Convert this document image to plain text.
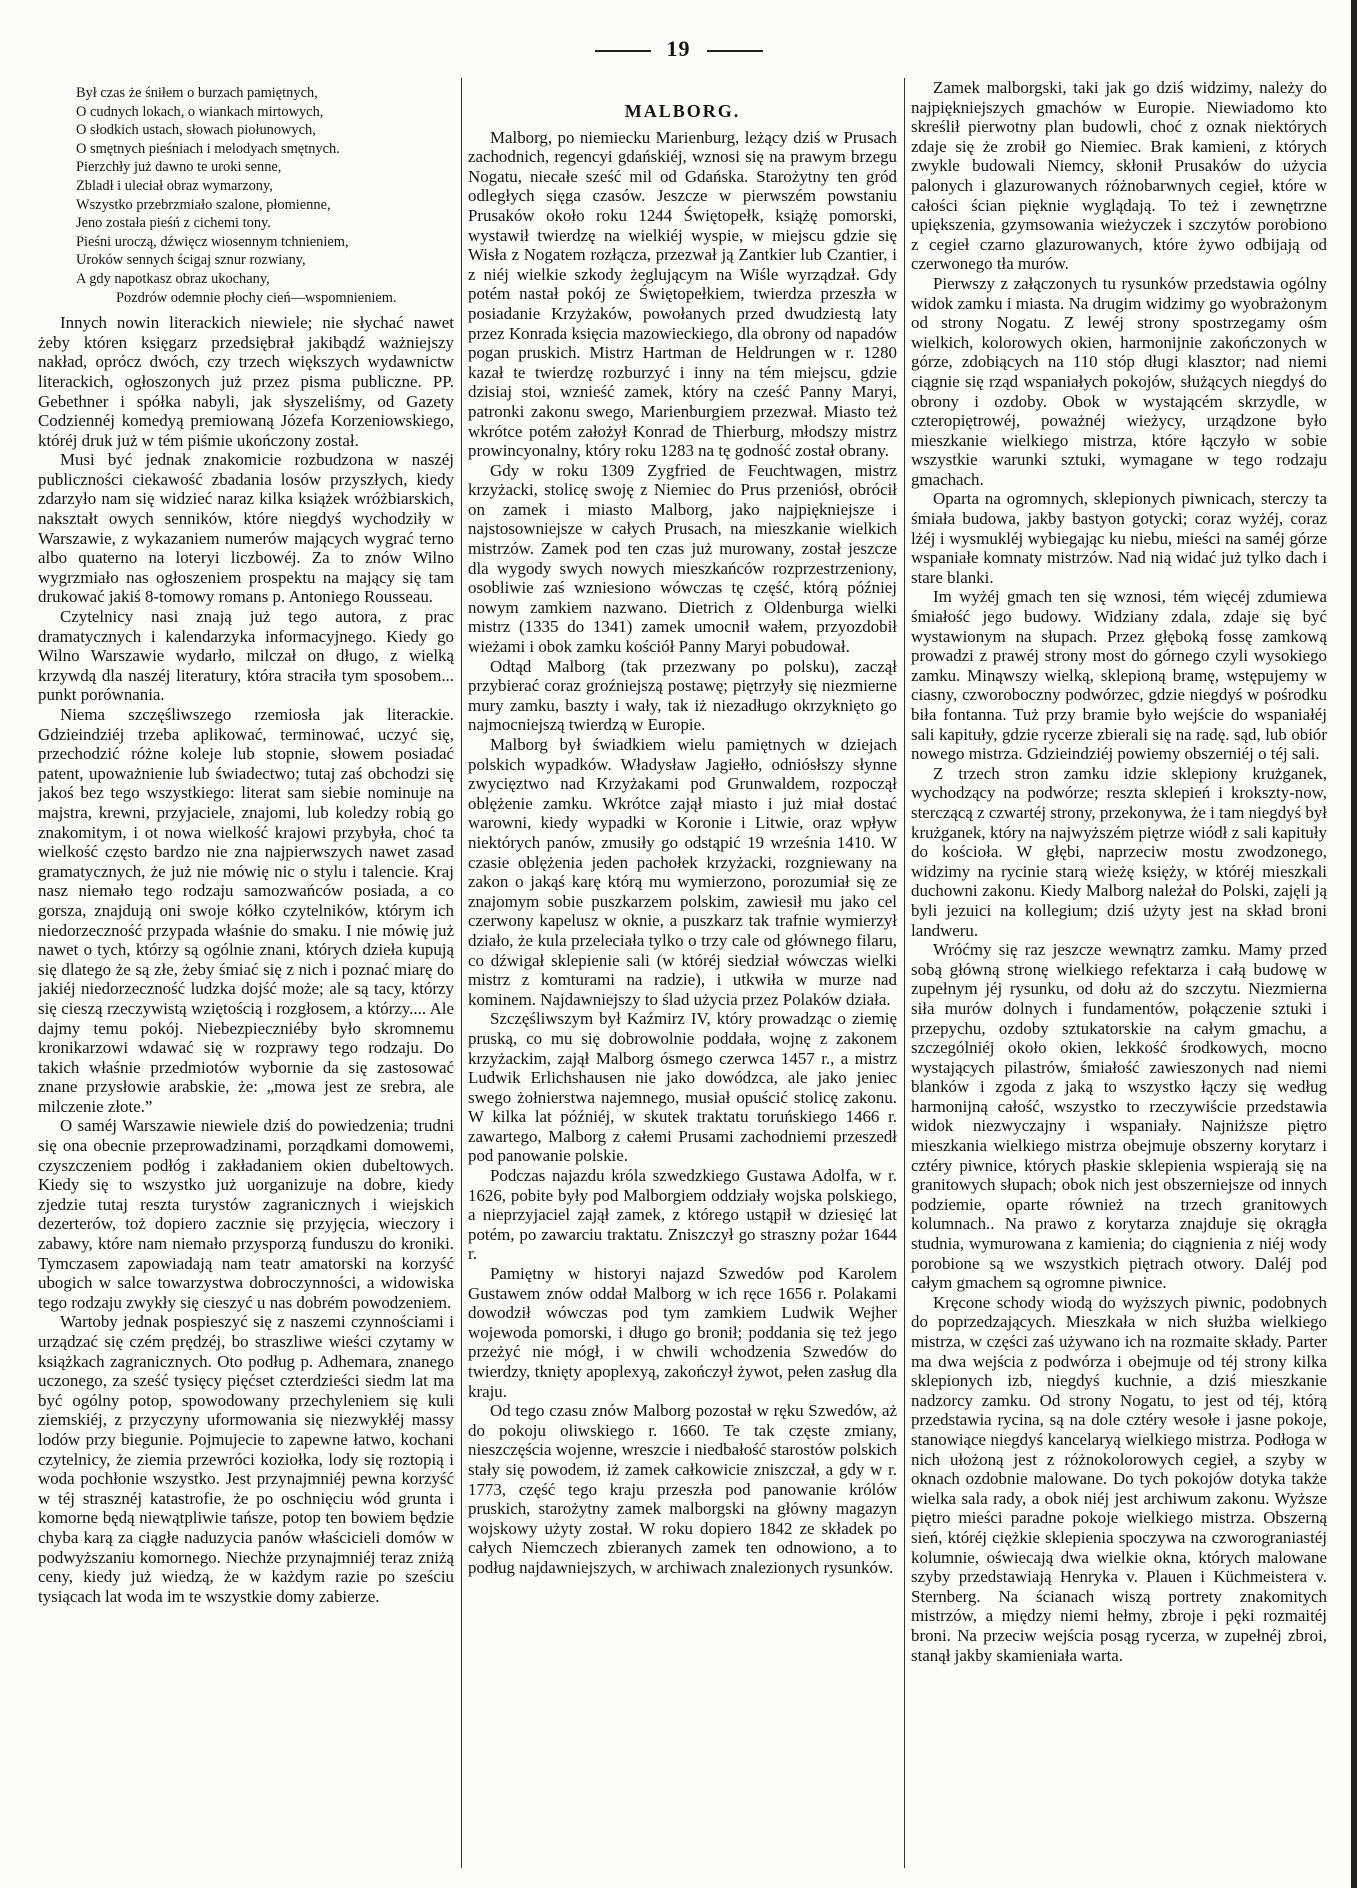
19
Był czas że śniłem o burzach pamiętnych,
O cudnych lokach, o wiankach mirtowych,
O słodkich ustach, słowach piołunowych,
O smętnych pieśniach i melodyach smętnych.
Pierzchły już dawno te uroki senne,
Zbladł i uleciał obraz wymarzony,
Wszystko przebrzmiało szalone, płomienne,
Jeno została pieśń z cichemi tony.
Pieśni uroczą, dźwięcz wiosennym tchnieniem,
Uroków sennych ścigaj sznur rozwiany,
A gdy napotkasz obraz ukochany,
Pozdrów odemnie płochy cień—wspomnieniem.

Innych nowin literackich niewiele; nie słychać nawet żeby któren księgarz przedsiębrał jakibądź ważniejszy nakład, oprócz dwóch, czy trzech większych wydawnictw literackich, ogłoszonych już przez pisma publiczne. PP. Gebethner i spółka nabyli, jak słyszeliśmy, od Gazety Codziennéj komedyą premiowaną Józefa Korzeniowskiego, któréj druk już w tém piśmie ukończony został.

Musi być jednak znakomicie rozbudzona w naszéj publiczności ciekawość zbadania losów przyszłych, kiedy zdarzyło nam się widzieć naraz kilka książek wróżbiarskich, nakształt owych senników, które niegdyś wychodziły w Warszawie, z wykazaniem numerów mających wygrać terno albo quaterno na loteryi liczbowéj. Za to znów Wilno wygrzmiało nas ogłoszeniem prospektu na mający się tam drukować jakiś 8-tomowy romans p. Antoniego Rousseau.

Czytelnicy nasi znają już tego autora, z prac dramatycznych i kalendarzyka informacyjnego. Kiedy go Wilno Warszawie wydarło, milczał on długo, z wielką krzywdą dla naszéj literatury, która straciła tym sposobem... punkt porównania.

Niema szczęśliwszego rzemiosła jak literackie. Gdzieindziéj trzeba aplikować, terminować, uczyć się, przechodzić różne koleje lub stopnie, słowem posiadać patent, upoważnienie lub świadectwo; tutaj zaś obchodzi się jakoś bez tego wszystkiego: literat sam siebie nominuje na majstra, krewni, przyjaciele, znajomi, lub koledzy robią go znakomitym, i ot nowa wielkość krajowi przybyła, choć ta wielkość często bardzo nie zna najpierwszych nawet zasad gramatycznych, że już nie mówię nic o stylu i talencie. Kraj nasz niemało tego rodzaju samozwańców posiada, a co gorsza, znajdują oni swoje kółko czytelników, którym ich niedorzeczność przypada właśnie do smaku. I nie mówię już nawet o tych, którzy są ogólnie znani, których dzieła kupują się dlatego że są złe, żeby śmiać się z nich i poznać miarę do jakiéj niedorzeczność ludzka dojść może; ale są tacy, którzy się cieszą rzeczywistą wziętością i rozgłosem, a którzy.... Ale dajmy temu pokój. Niebezpieczniéby było skromnemu kronikarzowi wdawać się w rozprawy tego rodzaju. Do takich właśnie przedmiotów wybornie da się zastosować znane przysłowie arabskie, że: „mowa jest ze srebra, ale milczenie złote.”

O saméj Warszawie niewiele dziś do powiedzenia; trudni się ona obecnie przeprowadzinami, porządkami domowemi, czyszczeniem podłóg i zakładaniem okien dubeltowych. Kiedy się to wszystko już uorganizuje na dobre, kiedy zjedzie tutaj reszta turystów zagranicznych i wiejskich dezerterów, toż dopiero zacznie się przyjęcia, wieczory i zabawy, które nam niemało przysporzą funduszu do kroniki. Tymczasem zapowiadają nam teatr amatorski na korzyść ubogich w salce towarzystwa dobroczynności, a widowiska tego rodzaju zwykły się cieszyć u nas dobrém powodzeniem.

Wartoby jednak pospieszyć się z naszemi czynnościami i urządzać się czém prędzéj, bo straszliwe wieści czytamy w książkach zagranicznych. Oto podług p. Adhemara, znanego uczonego, za sześć tysięcy pięćset czterdzieści siedm lat ma być ogólny potop, spowodowany przechyleniem się kuli ziemskiéj, z przyczyny uformowania się niezwykłéj massy lodów przy biegunie. Pojmujecie to zapewne łatwo, kochani czytelnicy, że ziemia przewróci koziołka, lody się roztopią i woda pochłonie wszystko. Jest przynajmniéj pewna korzyść w téj strasznéj katastrofie, że po oschnięciu wód grunta i komorne będą niewątpliwie tańsze, potop ten bowiem będzie chyba karą za ciągłe naduzycia panów właścicieli domów w podwyższaniu komornego. Niechże przynajmniéj teraz zniżą ceny, kiedy już wiedzą, że w każdym razie po sześciu tysiącach lat woda im te wszystkie domy zabierze.

MALBORG.

Malborg, po niemiecku Marienburg, leżący dziś w Prusach zachodnich, regencyi gdańskiéj, wznosi się na prawym brzegu Nogatu, niecałe sześć mil od Gdańska. Starożytny ten gród odległych sięga czasów. Jeszcze w pierwszém powstaniu Prusaków około roku 1244 Świętopełk, książę pomorski, wystawił twierdzę na wielkiéj wyspie, w miejscu gdzie się Wisła z Nogatem rozłącza, przezwał ją Zantkier lub Czantier, i z niéj wielkie szkody żeglującym na Wiśle wyrządzał. Gdy potém nastał pokój ze Świętopełkiem, twierdza przeszła w posiadanie Krzyżaków, powołanych przed dwudziestą laty przez Konrada księcia mazowieckiego, dla obrony od napadów pogan pruskich. Mistrz Hartman de Heldrungen w r. 1280 kazał te twierdzę rozburzyć i inny na tém miejscu, gdzie dzisiaj stoi, wznieść zamek, który na cześć Panny Maryi, patronki zakonu swego, Marienburgiem przezwał. Miasto też wkrótce potém założył Konrad de Thierburg, młodszy mistrz prowincyonalny, który roku 1283 na tę godność został obrany.

Gdy w roku 1309 Zygfried de Feuchtwagen, mistrz krzyżacki, stolicę swoję z Niemiec do Prus przeniósł, obrócił on zamek i miasto Malborg, jako najpiękniejsze i najstosowniejsze w całych Prusach, na mieszkanie wielkich mistrzów. Zamek pod ten czas już murowany, został jeszcze dla wygody swych nowych mieszkańców rozprzestrzeniony, osobliwie zaś wzniesiono wówczas tę część, którą później nowym zamkiem nazwano. Dietrich z Oldenburga wielki mistrz (1335 do 1341) zamek umocnił wałem, przyozdobił wieżami i obok zamku kościół Panny Maryi pobudował.

Odtąd Malborg (tak przezwany po polsku), zaczął przybierać coraz groźniejszą postawę; piętrzyły się niezmierne mury zamku, baszty i wały, tak iż niezadługo okrzyknięto go najmocniejszą twierdzą w Europie.

Malborg był świadkiem wielu pamiętnych w dziejach polskich wypadków. Władysław Jagiełło, odniósłszy słynne zwycięztwo nad Krzyżakami pod Grunwaldem, rozpoczął oblężenie zamku. Wkrótce zajął miasto i już miał dostać warowni, kiedy wypadki w Koronie i Litwie, oraz wpływ niektórych panów, zmusiły go odstąpić 19 września 1410. W czasie oblężenia jeden pachołek krzyżacki, rozgniewany na zakon o jakąś karę którą mu wymierzono, porozumiał się ze znajomym sobie puszkarzem polskim, zawiesił mu jako cel czerwony kapelusz w oknie, a puszkarz tak trafnie wymierzył działo, że kula przeleciała tylko o trzy cale od głównego filaru, co dźwigał sklepienie sali (w któréj siedział wówczas wielki mistrz z komturami na radzie), i utkwiła w murze nad kominem. Najdawniejszy to ślad użycia przez Polaków działa.

Szczęśliwszym był Kaźmirz IV, który prowadząc o ziemię pruską, co mu się dobrowolnie poddała, wojnę z zakonem krzyżackim, zajął Malborg ósmego czerwca 1457 r., a mistrz Ludwik Erlichshausen nie jako dowódzca, ale jako jeniec swego żołnierstwa najemnego, musiał opuścić stolicę zakonu. W kilka lat późniéj, w skutek traktatu toruńskiego 1466 r. zawartego, Malborg z całemi Prusami zachodniemi przeszedł pod panowanie polskie.

Podczas najazdu króla szwedzkiego Gustawa Adolfa, w r. 1626, pobite były pod Malborgiem oddziały wojska polskiego, a nieprzyjaciel zajął zamek, z którego ustąpił w dziesięć lat potém, po zawarciu traktatu. Zniszczył go straszny pożar 1644 r.

Pamiętny w historyi najazd Szwedów pod Karolem Gustawem znów oddał Malborg w ich ręce 1656 r. Polakami dowodził wówczas pod tym zamkiem Ludwik Wejher wojewoda pomorski, i długo go bronił; poddania się też jego przeżyć nie mógł, i w chwili wchodzenia Szwedów do twierdzy, tknięty apoplexyą, zakończył żywot, pełen zasług dla kraju.

Od tego czasu znów Malborg pozostał w ręku Szwedów, aż do pokoju oliwskiego r. 1660. Te tak częste zmiany, nieszczęścia wojenne, wreszcie i niedbałość starostów polskich stały się powodem, iż zamek całkowicie zniszczał, a gdy w r. 1773, część tego kraju przeszła pod panowanie królów pruskich, starożytny zamek malborgski na główny magazyn wojskowy użyty został. W roku dopiero 1842 ze składek po całych Niemczech zbieranych zamek ten odnowiono, a to podług najdawniejszych, w archiwach znalezionych rysunków.

Zamek malborgski, taki jak go dziś widzimy, należy do najpiękniejszych gmachów w Europie. Niewiadomo kto skreślił pierwotny plan budowli, choć z oznak niektórych zdaje się że zrobił go Niemiec. Brak kamieni, z których zwykle budowali Niemcy, skłonił Prusaków do użycia palonych i glazurowanych różnobarwnych cegieł, które w całości ścian pięknie wyglądają. To też i zewnętrzne upiększenia, gzymsowania wieżyczek i szczytów porobiono z cegieł czarno glazurowanych, które żywo odbijają od czerwonego tła murów.

Pierwszy z załączonych tu rysunków przedstawia ogólny widok zamku i miasta. Na drugim widzimy go wyobrażonym od strony Nogatu. Z lewéj strony spostrzegamy ośm wielkich, kolorowych okien, harmonijnie zakończonych w górze, zdobiących na 110 stóp długi klasztor; nad niemi ciągnie się rząd wspaniałych pokojów, służących niegdyś do obrony i ozdoby. Obok w wystającém skrzydle, w czteropiętrowéj, poważnéj wieżycy, urządzone było mieszkanie wielkiego mistrza, które łączyło w sobie wszystkie warunki sztuki, wymagane w tego rodzaju gmachach.

Oparta na ogromnych, sklepionych piwnicach, sterczy ta śmiała budowa, jakby bastyon gotycki; coraz wyżéj, coraz lżéj i wysmukléj wybiegając ku niebu, mieści na saméj górze wspaniałe komnaty mistrzów. Nad nią widać już tylko dach i stare blanki.

Im wyżéj gmach ten się wznosi, tém więcéj zdumiewa śmiałość jego budowy. Widziany zdala, zdaje się być wystawionym na słupach. Przez głęboką fossę zamkową prowadzi z prawéj strony most do górnego czyli wysokiego zamku. Minąwszy wielką, sklepioną bramę, wstępujemy w ciasny, czworoboczny podwórzec, gdzie niegdyś w pośrodku biła fontanna. Tuż przy bramie było wejście do wspaniałéj sali kapituły, gdzie rycerze zbierali się na radę. sąd, lub obiór nowego mistrza. Gdzieindziéj powiemy obszerniéj o téj sali.

Z trzech stron zamku idzie sklepiony krużganek, wychodzący na podwórze; reszta sklepień i krokszty-now, sterczącą z czwartéj strony, przekonywa, że i tam niegdyś był krużganek, który na najwyższém piętrze wiódł z sali kapituły do kościoła. W głębi, naprzeciw mostu zwodzonego, widzimy na rycinie starą wieżę księży, w któréj mieszkali duchowni zakonu. Kiedy Malborg należał do Polski, zajęli ją byli jezuici na kollegium; dziś użyty jest na skład broni landweru.

Wróćmy się raz jeszcze wewnątrz zamku. Mamy przed sobą główną stronę wielkiego refektarza i całą budowę w zupełnym jéj rysunku, od dołu aż do szczytu. Niezmierna siła murów dolnych i fundamentów, połączenie sztuki i przepychu, ozdoby sztukatorskie na całym gmachu, a szczególniéj około okien, lekkość środkowych, mocno wystających pilastrów, śmiałość zawieszonych nad niemi blanków i zgoda z jaką to wszystko łączy się według harmonijną całość, wszystko to rzeczywiście przedstawia widok niezwyczajny i wspaniały. Najniższe piętro mieszkania wielkiego mistrza obejmuje obszerny korytarz i cztéry piwnice, których płaskie sklepienia wspierają się na granitowych słupach; obok nich jest obszerniejsze od innych podziemie, oparte również na trzech granitowych kolumnach.. Na prawo z korytarza znajduje się okrągła studnia, wymurowana z kamienia; do ciągnienia z niéj wody porobione są we wszystkich piętrach otwory. Daléj pod całym gmachem są ogromne piwnice.

Kręcone schody wiodą do wyższych piwnic, podobnych do poprzedzających. Mieszkała w nich służba wielkiego mistrza, w części zaś używano ich na rozmaite składy. Parter ma dwa wejścia z podwórza i obejmuje od téj strony kilka sklepionych izb, niegdyś kuchnie, a dziś mieszkanie nadzorcy zamku. Od strony Nogatu, to jest od téj, którą przedstawia rycina, są na dole cztéry wesołe i jasne pokoje, stanowiące niegdyś kancelaryą wielkiego mistrza. Podłoga w nich ułożoną jest z różnokolorowych cegieł, a szyby w oknach ozdobnie malowane. Do tych pokojów dotyka także wielka sala rady, a obok niéj jest archiwum zakonu. Wyższe piętro mieści paradne pokoje wielkiego mistrza. Obszerną sień, któréj ciężkie sklepienia spoczywa na czworograniastéj kolumnie, oświecają dwa wielkie okna, których malowane szyby przedstawiają Henryka v. Plauen i Küchmeistera v. Sternberg. Na ścianach wiszą portrety znakomitych mistrzów, a między niemi hełmy, zbroje i pęki rozmaitéj broni. Na przeciw wejścia posąg rycerza, w zupełnéj zbroi, stanął jakby skamieniała warta.
